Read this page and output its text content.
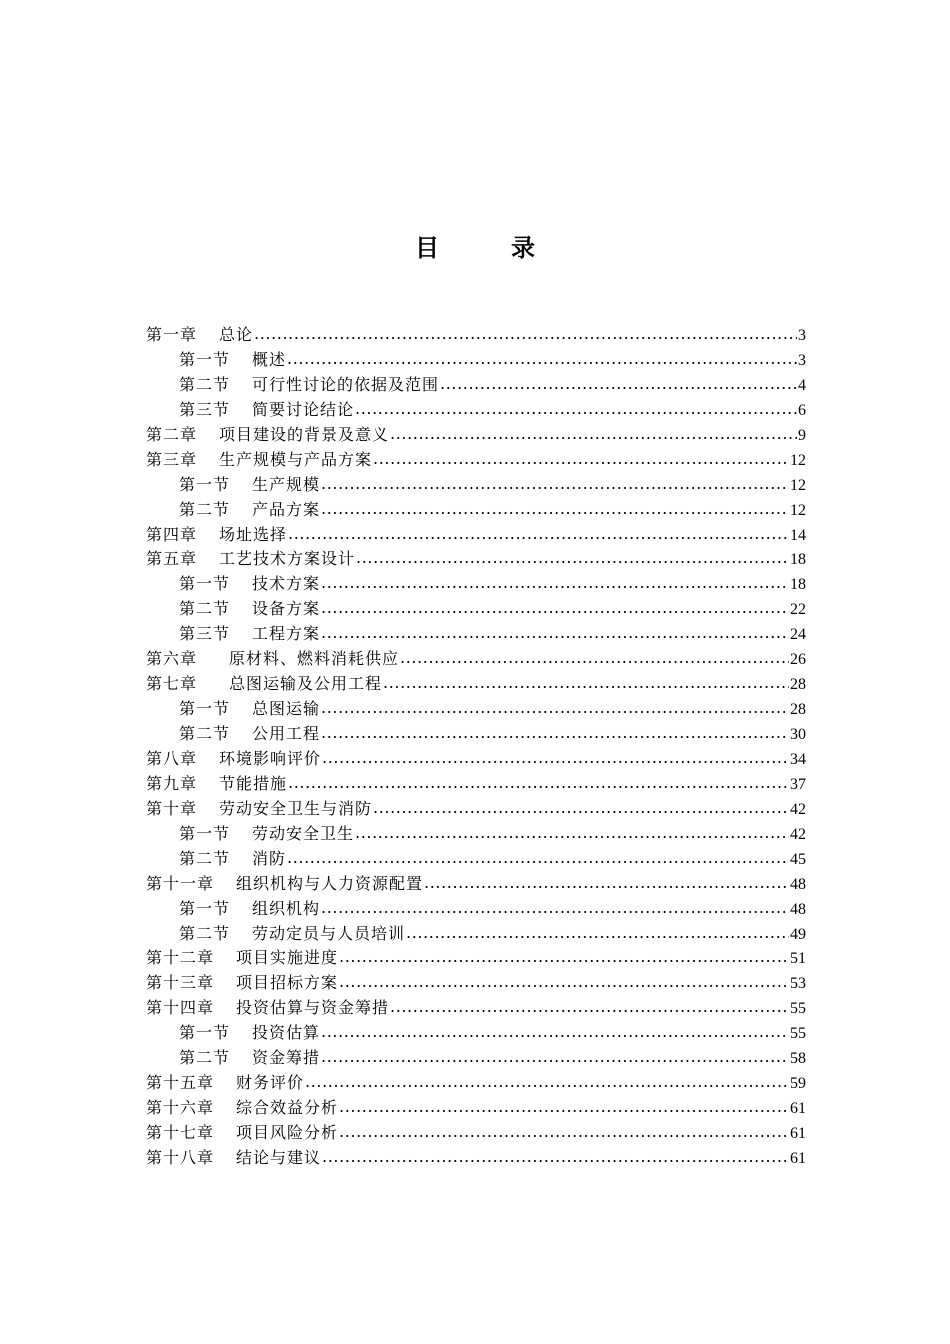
目　录
第一章 总论 .....	3
第一节 概述 .....	3
第二节 可行性讨论的依据及范围 .....	4
第三节 简要讨论结论 .....	6
第二章 项目建设的背景及意义 .....	9
第三章 生产规模与产品方案 .....	12
第一节 生产规模 .....	12
第二节 产品方案 .....	12
第四章 场址选择 .....	14
第五章 工艺技术方案设计 .....	18
第一节 技术方案 .....	18
第二节 设备方案 .....	22
第三节 工程方案 .....	24
第六章 原材料、燃料消耗供应 .....	26
第七章 总图运输及公用工程 .....	28
第一节 总图运输 .....	28
第二节 公用工程 .....	30
第八章 环境影响评价 .....	34
第九章 节能措施 .....	37
第十章 劳动安全卫生与消防 .....	42
第一节 劳动安全卫生 .....	42
第二节 消防 .....	45
第十一章 组织机构与人力资源配置 .....	48
第一节 组织机构 .....	48
第二节 劳动定员与人员培训 .....	49
第十二章 项目实施进度 .....	51
第十三章 项目招标方案 .....	53
第十四章 投资估算与资金筹措 .....	55
第一节 投资估算 .....	55
第二节 资金筹措 .....	58
第十五章 财务评价 .....	59
第十六章 综合效益分析 .....	61
第十七章 项目风险分析 .....	61
第十八章 结论与建议 .....	61
